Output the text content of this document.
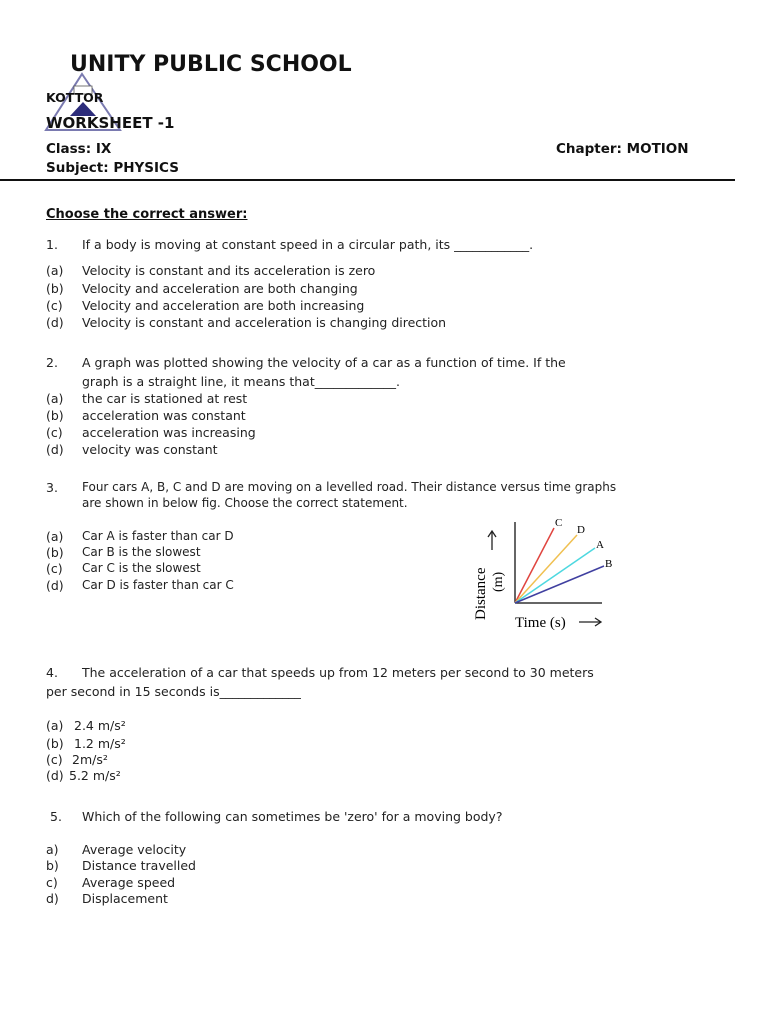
UNITY PUBLIC SCHOOL
KOTTOR
WORKSHEET -1
Class: IX
Subject: PHYSICS
Chapter: MOTION
Choose the correct answer:
1. If a body is moving at constant speed in a circular path, its ____________.
(a) Velocity is constant and its acceleration is zero
(b) Velocity and acceleration are both changing
(c) Velocity and acceleration are both increasing
(d) Velocity is constant and acceleration is changing direction
2. A graph was plotted showing the velocity of a car as a function of time. If the
graph is a straight line, it means that_____________.
(a) the car is stationed at rest
(b) acceleration was constant
(c) acceleration was increasing
(d) velocity was constant
3. Four cars A, B, C and D are moving on a levelled road. Their distance versus time graphs
are shown in below fig. Choose the correct statement.
(a) Car A is faster than car D
(b) Car B is the slowest
(c) Car C is the slowest
(d) Car D is faster than car C
C
D
A
B
Distance (m)
Time (s)
4. The acceleration of a car that speeds up from 12 meters per second to 30 meters
per second in 15 seconds is_____________
(a) 2.4 m/s²
(b) 1.2 m/s²
(c) 2m/s²
(d) 5.2 m/s²
5. Which of the following can sometimes be 'zero' for a moving body?
a) Average velocity
b) Distance travelled
c) Average speed
d) Displacement
